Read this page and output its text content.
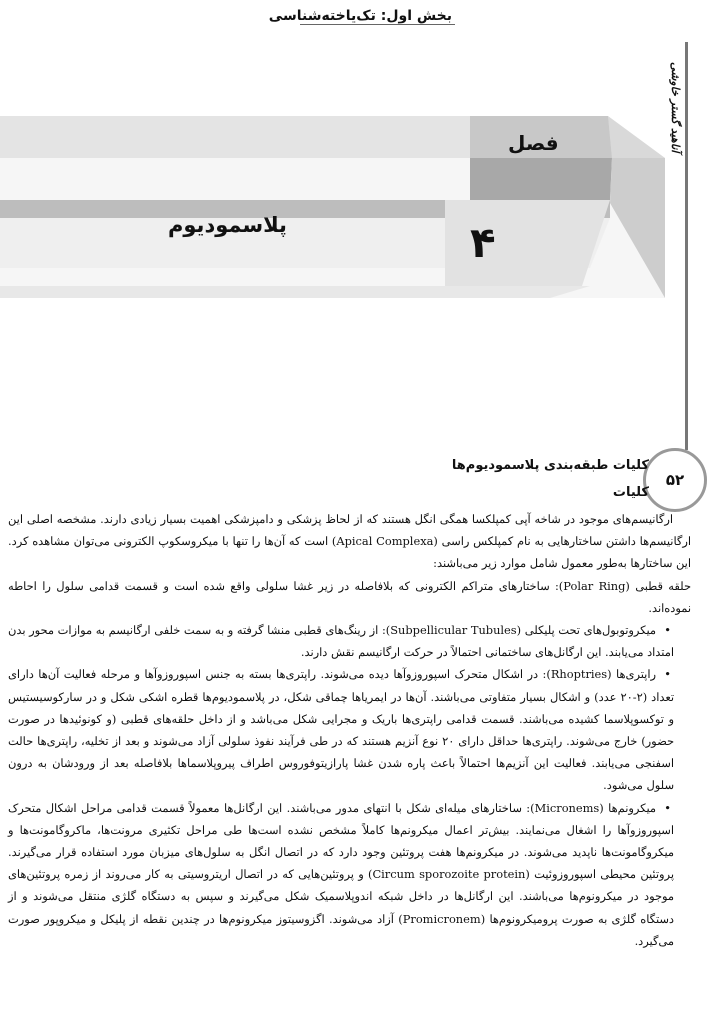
بخش اول: تک‌یاخته‌شناسی
آناهید گستر خاوشی
۵۲
فصل
۴
پلاسمودیوم
کلیات طبقه‌بندی پلاسمودیوم‌ها
کلیات

ارگانیسم‌های موجود در شاخه آپی کمپلکسا همگی انگل هستند که از لحاظ پزشکی و دامپزشکی اهمیت بسیار زیادی دارند. مشخصه اصلی این ارگانیسم‌ها داشتن ساختارهایی به نام کمپلکس راسی (Apical Complexa) است که آن‌ها را تنها با میکروسکوپ الکترونی می‌توان مشاهده کرد. این ساختارها به‌طور معمول شامل موارد زیر می‌باشند:

حلقه قطبی (Polar Ring): ساختارهای متراکم الکترونی که بلافاصله در زیر غشا سلولی واقع شده است و قسمت قدامی سلول را احاطه نموده‌اند.

• میکروتوبول‌های تحت پلیکلی (Subpellicular Tubules): از رینگ‌های قطبی منشا گرفته و به سمت خلفی ارگانیسم به موازات محور بدن امتداد می‌یابند. این ارگانل‌های ساختمانی احتمالاً در حرکت ارگانیسم نقش دارند.

• راپتری‌ها (Rhoptries): در اشکال متحرک اسپوروزوآها دیده می‌شوند. راپتری‌ها بسته به جنس اسپوروزوآها و مرحله فعالیت آن‌ها دارای تعداد (۲-۲۰ عدد) و اشکال بسیار متفاوتی می‌باشند. آن‌ها در ایمریاها چماقی شکل، در پلاسمودیوم‌ها قطره اشکی شکل و در سارکوسیستیس و توکسوپلاسما کشیده می‌باشند. قسمت قدامی راپتری‌ها باریک و مجرایی شکل می‌باشد و از داخل حلقه‌های قطبی (و کونوئیدها در صورت حضور) خارج می‌شوند. راپتری‌ها حداقل دارای ۲۰ نوع آنزیم هستند که در طی فرآیند نفوذ سلولی آزاد می‌شوند و بعد از تخلیه، راپتری‌ها حالت اسفنجی می‌یابند. فعالیت این آنزیم‌ها احتمالاً باعث پاره شدن غشا پارازیتوفوروس اطراف پیروپلاسماها بلافاصله بعد از ورودشان به درون سلول می‌شود.

• میکرونم‌ها (Micronems): ساختارهای میله‌ای شکل با انتهای مدور می‌باشند. این ارگانل‌ها معمولاً قسمت قدامی مراحل اشکال متحرک اسپوروزوآها را اشغال می‌نمایند. بیش‌تر اعمال میکرونم‌ها کاملاً مشخص نشده است‌ها طی مراحل تکثیری مرونت‌ها، ماکروگامونت‌ها و میکروگامونت‌ها ناپدید می‌شوند. در میکرونم‌ها هفت پروتئین وجود دارد که در اتصال انگل به سلول‌های میزبان مورد استفاده قرار می‌گیرند. پروتئین محیطی اسپوروزوئیت (Circum sporozoite protein) و پروتئین‌هایی که در اتصال اریتروسیتی به کار می‌روند از زمره پروتئین‌های موجود در میکرونوم‌ها می‌باشند. این ارگانل‌ها در داخل شبکه اندوپلاسمیک شکل می‌گیرند و سپس به دستگاه گلژی منتقل می‌شوند و از دستگاه گلژی به صورت پرومیکرونوم‌ها (Promicronem) آزاد می‌شوند. اگزوسیتوز میکرونوم‌ها در چندین نقطه از پلیکل و میکروپور صورت می‌گیرد.
